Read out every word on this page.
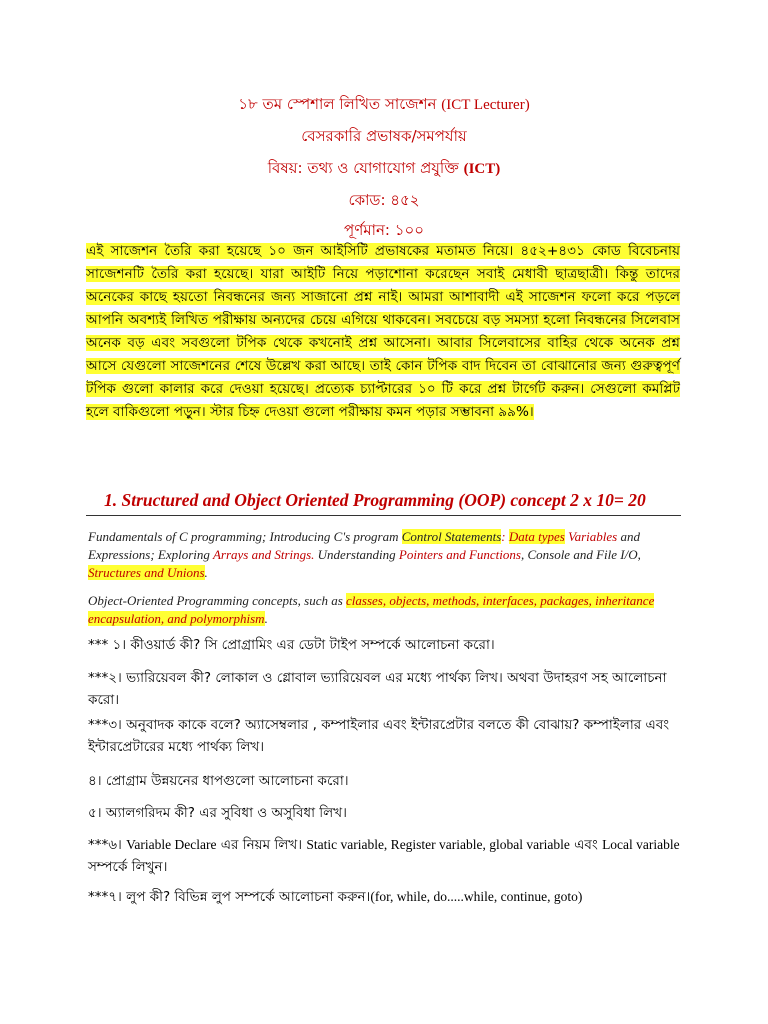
১৮ তম স্পেশাল লিখিত সাজেশন (ICT Lecturer)
বেসরকারি প্রভাষক/সমপর্যায়
বিষয়: তথ্য ও যোগাযোগ প্রযুক্তি (ICT)
কোড: ৪৫২
পূর্ণমান: ১০০
এই সাজেশন তৈরি করা হয়েছে ১০ জন আইসিটি প্রভাষকের মতামত নিয়ে। ৪৫২+৪৩১ কোড বিবেচনায় সাজেশনটি তৈরি করা হয়েছে। যারা আইটি নিয়ে পড়াশোনা করেছেন সবাই মেধাবী ছাত্রছাত্রী। কিন্তু তাদের অনেকের কাছে হয়তো নিবন্ধনের জন্য সাজানো প্রশ্ন নাই। আমরা আশাবাদী এই সাজেশন ফলো করে পড়লে আপনি অবশ্যই লিখিত পরীক্ষায় অন্যদের চেয়ে এগিয়ে থাকবেন। সবচেয়ে বড় সমস্যা হলো নিবন্ধনের সিলেবাস অনেক বড় এবং সবগুলো টপিক থেকে কখনোই প্রশ্ন আসেনা। আবার সিলেবাসের বাহির থেকে অনেক প্রশ্ন আসে যেগুলো সাজেশনের শেষে উল্লেখ করা আছে। তাই কোন টপিক বাদ দিবেন তা বোঝানোর জন্য গুরুত্বপূর্ণ টপিক গুলো কালার করে দেওয়া হয়েছে। প্রত্যেক চ্যাপ্টারের ১০ টি করে প্রশ্ন টার্গেট করুন। সেগুলো কমপ্লিট হলে বাকিগুলো পড়ুন। স্টার চিহ্ন দেওয়া গুলো পরীক্ষায় কমন পড়ার সম্ভাবনা ৯৯%।
1. Structured and Object Oriented Programming (OOP) concept 2 x 10= 20
Fundamentals of C programming; Introducing C's program Control Statements: Data types Variables and Expressions; Exploring Arrays and Strings. Understanding Pointers and Functions, Console and File I/O, Structures and Unions.
Object-Oriented Programming concepts, such as classes, objects, methods, interfaces, packages, inheritance encapsulation, and polymorphism.
*** ১। কীওয়ার্ড কী? সি প্রোগ্রামিং এর ডেটা টাইপ সম্পর্কে আলোচনা করো।
***২। ভ্যারিয়েবল কী? লোকাল ও গ্লোবাল ভ্যারিয়েবল এর মধ্যে পার্থক্য লিখ। অথবা উদাহরণ সহ আলোচনা করো।
***৩। অনুবাদক কাকে বলে? অ্যাসেম্বলার , কম্পাইলার এবং ইন্টারপ্রেটার বলতে কী বোঝায়? কম্পাইলার এবং ইন্টারপ্রেটারের মধ্যে পার্থক্য লিখ।
৪। প্রোগ্রাম উন্নয়নের ধাপগুলো আলোচনা করো।
৫। অ্যালগরিদম কী? এর সুবিধা ও অসুবিধা লিখ।
***৬। Variable Declare এর নিয়ম লিখ। Static variable, Register variable, global variable এবং Local variable সম্পর্কে লিখুন।
***৭। লুপ কী? বিভিন্ন লুপ সম্পর্কে আলোচনা করুন।(for, while, do.....while, continue, goto)
